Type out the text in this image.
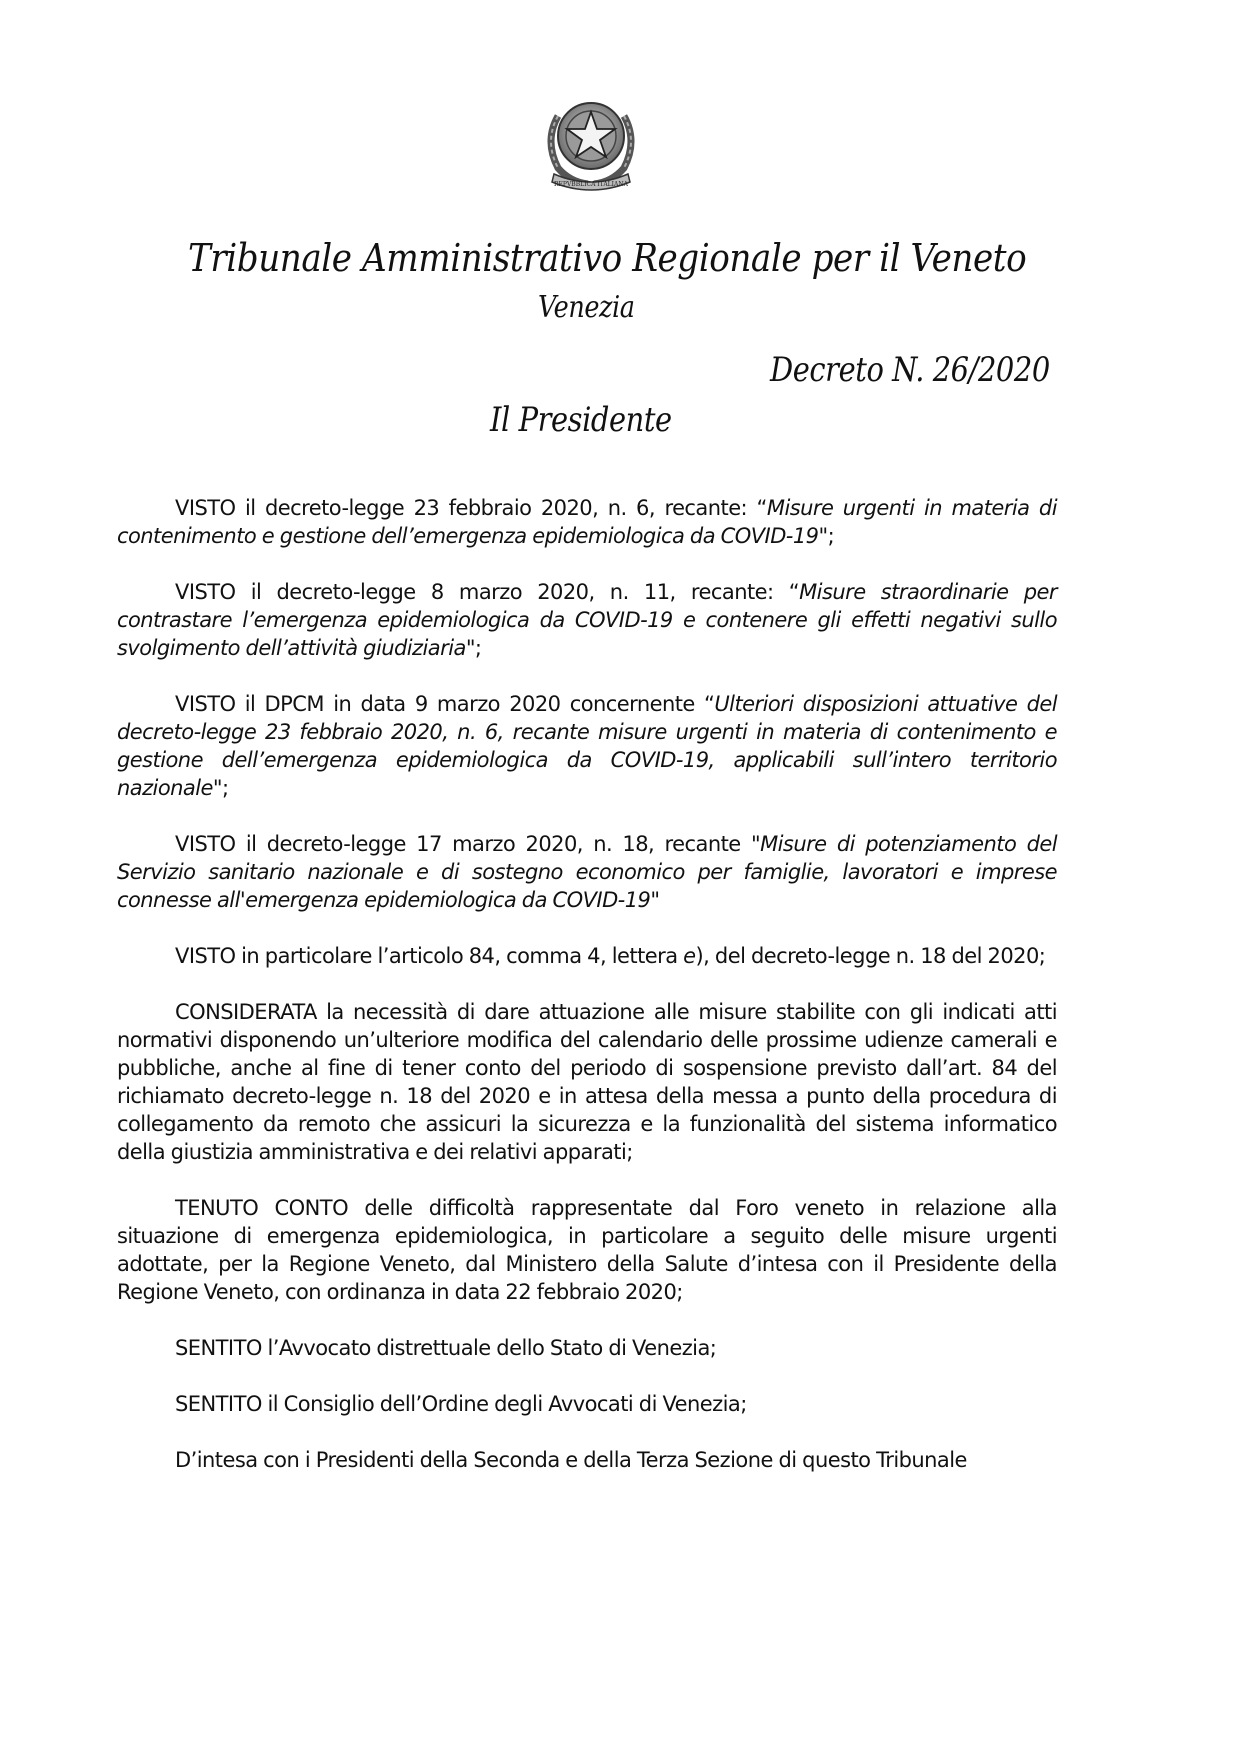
REPVBBLICA ITALIANA
Tribunale Amministrativo Regionale per il Veneto
Venezia
Decreto N. 26/2020
Il Presidente

VISTO il decreto-legge 23 febbraio 2020, n. 6, recante: “Misure urgenti in materia di contenimento e gestione dell’emergenza epidemiologica da COVID-19";

VISTO il decreto-legge 8 marzo 2020, n. 11, recante: “Misure straordinarie per contrastare l’emergenza epidemiologica da COVID-19 e contenere gli effetti negativi sullo svolgimento dell’attività giudiziaria";

VISTO il DPCM in data 9 marzo 2020 concernente “Ulteriori disposizioni attuative del decreto-legge 23 febbraio 2020, n. 6, recante misure urgenti in materia di contenimento e gestione dell’emergenza epidemiologica da COVID-19, applicabili sull’intero territorio nazionale";

VISTO il decreto-legge 17 marzo 2020, n. 18, recante "Misure di potenziamento del Servizio sanitario nazionale e di sostegno economico per famiglie, lavoratori e imprese connesse all'emergenza epidemiologica da COVID-19"

VISTO in particolare l’articolo 84, comma 4, lettera e), del decreto-legge n. 18 del 2020;

CONSIDERATA la necessità di dare attuazione alle misure stabilite con gli indicati atti normativi disponendo un’ulteriore modifica del calendario delle prossime udienze camerali e pubbliche, anche al fine di tener conto del periodo di sospensione previsto dall’art. 84 del richiamato decreto-legge n. 18 del 2020 e in attesa della messa a punto della procedura di collegamento da remoto che assicuri la sicurezza e la funzionalità del sistema informatico della giustizia amministrativa e dei relativi apparati;

TENUTO CONTO delle difficoltà rappresentate dal Foro veneto in relazione alla situazione di emergenza epidemiologica, in particolare a seguito delle misure urgenti adottate, per la Regione Veneto, dal Ministero della Salute d’intesa con il Presidente della Regione Veneto, con ordinanza in data 22 febbraio 2020;

SENTITO l’Avvocato distrettuale dello Stato di Venezia;

SENTITO il Consiglio dell’Ordine degli Avvocati di Venezia;

D’intesa con i Presidenti della Seconda e della Terza Sezione di questo Tribunale
